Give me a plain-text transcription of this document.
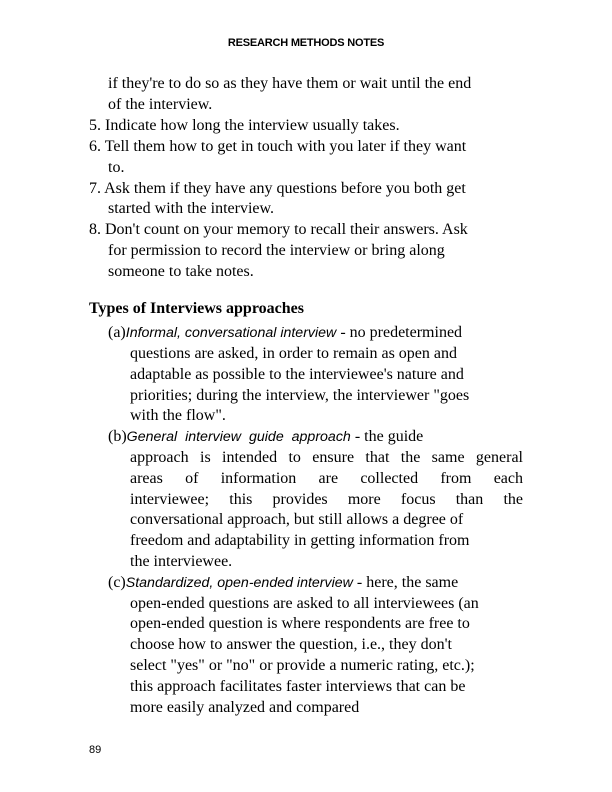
RESEARCH METHODS NOTES
if they're to do so as they have them or wait until the end
of the interview.
5. Indicate how long the interview usually takes.
6. Tell them how to get in touch with you later if they want
to.
7. Ask them if they have any questions before you both get
started with the interview.
8. Don't count on your memory to recall their answers. Ask
for permission to record the interview or bring along
someone to take notes.
Types of Interviews approaches
(a)Informal, conversational interview - no predetermined
questions are asked, in order to remain as open and
adaptable as possible to the interviewee's nature and
priorities; during the interview, the interviewer "goes
with the flow".
(b)General interview guide approach - the guide
approach is intended to ensure that the same general
areas of information are collected from each
interviewee; this provides more focus than the
conversational approach, but still allows a degree of
freedom and adaptability in getting information from
the interviewee.
(c)Standardized, open-ended interview - here, the same
open-ended questions are asked to all interviewees (an
open-ended question is where respondents are free to
choose how to answer the question, i.e., they don't
select "yes" or "no" or provide a numeric rating, etc.);
this approach facilitates faster interviews that can be
more easily analyzed and compared
89
